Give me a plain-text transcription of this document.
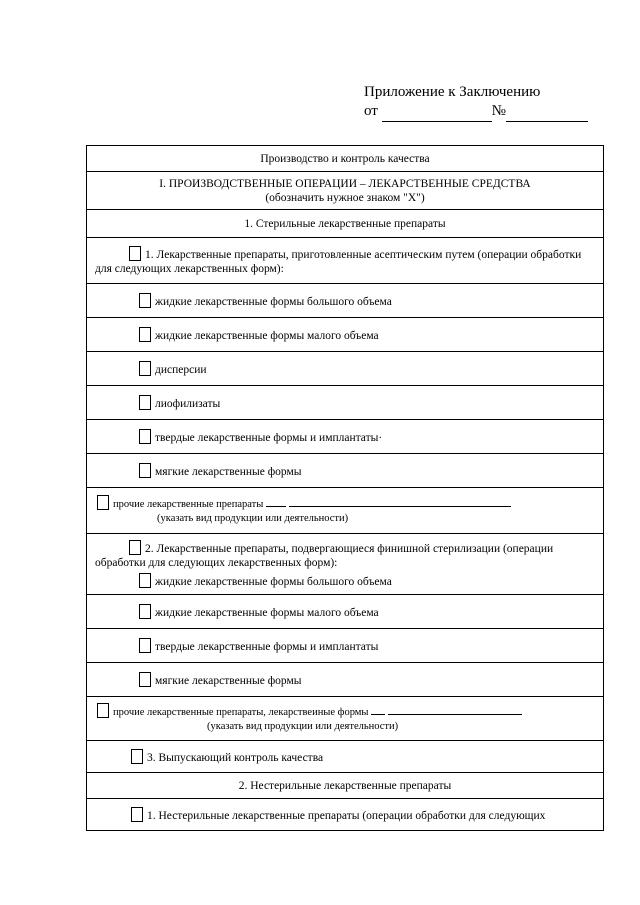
Приложение к Заключению
от	№
Производство и контроль качества

I. ПРОИЗВОДСТВЕННЫЕ ОПЕРАЦИИ – ЛЕКАРСТВЕННЫЕ СРЕДСТВА
(обозначить нужное знаком "X")

1. Стерильные лекарственные препараты
1. Лекарственные препараты, приготовленные асептическим путем (операции обработки для следующих лекарственных форм):
жидкие лекарственные формы большого объема
жидкие лекарственные формы малого объема
дисперсии
лиофилизаты
твердые лекарственные формы и имплантаты·
мягкие лекарственные формы

прочие лекарственные препараты
(указать вид продукции или деятельности)

2. Лекарственные препараты, подвергающиеся финишной стерилизации (операции обработки для следующих лекарственных форм):
жидкие лекарственные формы большого объема

жидкие лекарственные формы малого объема
твердые лекарственные формы и имплантаты
мягкие лекарственные формы

прочие лекарственные препараты, лекарствеиные формы
(указать вид продукции или деятельности)

3. Выпускающий контроль качества
2. Нестерильные лекарственные препараты
1. Нестерильные лекарственные препараты (операции обработки для следующих
